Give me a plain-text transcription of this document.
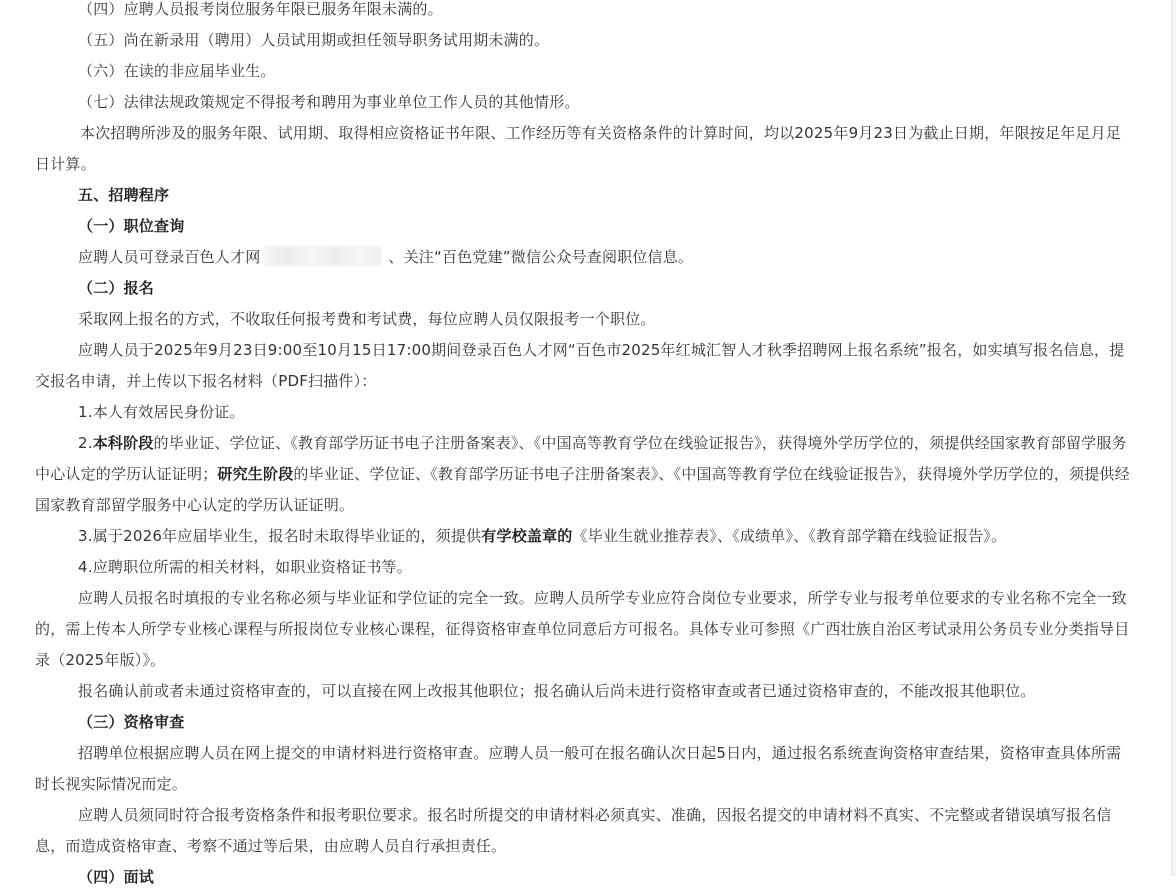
（四）应聘人员报考岗位服务年限已服务年限未满的。

（五）尚在新录用（聘用）人员试用期或担任领导职务试用期未满的。

（六）在读的非应届毕业生。

（七）法律法规政策规定不得报考和聘用为事业单位工作人员的其他情形。

本次招聘所涉及的服务年限、试用期、取得相应资格证书年限、工作经历等有关资格条件的计算时间，均以2025年9月23日为截止日期，年限按足年足月足日计算。

五、招聘程序

（一）职位查询

应聘人员可登录百色人才网	、关注“百色党建”微信公众号查阅职位信息。

（二）报名

采取网上报名的方式，不收取任何报考费和考试费，每位应聘人员仅限报考一个职位。

应聘人员于2025年9月23日9:00至10月15日17:00期间登录百色人才网“百色市2025年红城汇智人才秋季招聘网上报名系统”报名，如实填写报名信息，提交报名申请，并上传以下报名材料（PDF扫描件）：

1.本人有效居民身份证。

2.本科阶段的毕业证、学位证、《教育部学历证书电子注册备案表》、《中国高等教育学位在线验证报告》，获得境外学历学位的，须提供经国家教育部留学服务中心认定的学历认证证明；研究生阶段的毕业证、学位证、《教育部学历证书电子注册备案表》、《中国高等教育学位在线验证报告》，获得境外学历学位的，须提供经国家教育部留学服务中心认定的学历认证证明。

3.属于2026年应届毕业生，报名时未取得毕业证的，须提供有学校盖章的《毕业生就业推荐表》、《成绩单》、《教育部学籍在线验证报告》。

4.应聘职位所需的相关材料，如职业资格证书等。

应聘人员报名时填报的专业名称必须与毕业证和学位证的完全一致。应聘人员所学专业应符合岗位专业要求，所学专业与报考单位要求的专业名称不完全一致的，需上传本人所学专业核心课程与所报岗位专业核心课程，征得资格审查单位同意后方可报名。具体专业可参照《广西壮族自治区考试录用公务员专业分类指导目录（2025年版）》。

报名确认前或者未通过资格审查的，可以直接在网上改报其他职位；报名确认后尚未进行资格审查或者已通过资格审查的，不能改报其他职位。

（三）资格审查

招聘单位根据应聘人员在网上提交的申请材料进行资格审查。应聘人员一般可在报名确认次日起5日内，通过报名系统查询资格审查结果，资格审查具体所需时长视实际情况而定。

应聘人员须同时符合报考资格条件和报考职位要求。报名时所提交的申请材料必须真实、准确，因报名提交的申请材料不真实、不完整或者错误填写报名信息，而造成资格审查、考察不通过等后果，由应聘人员自行承担责任。

（四）面试
